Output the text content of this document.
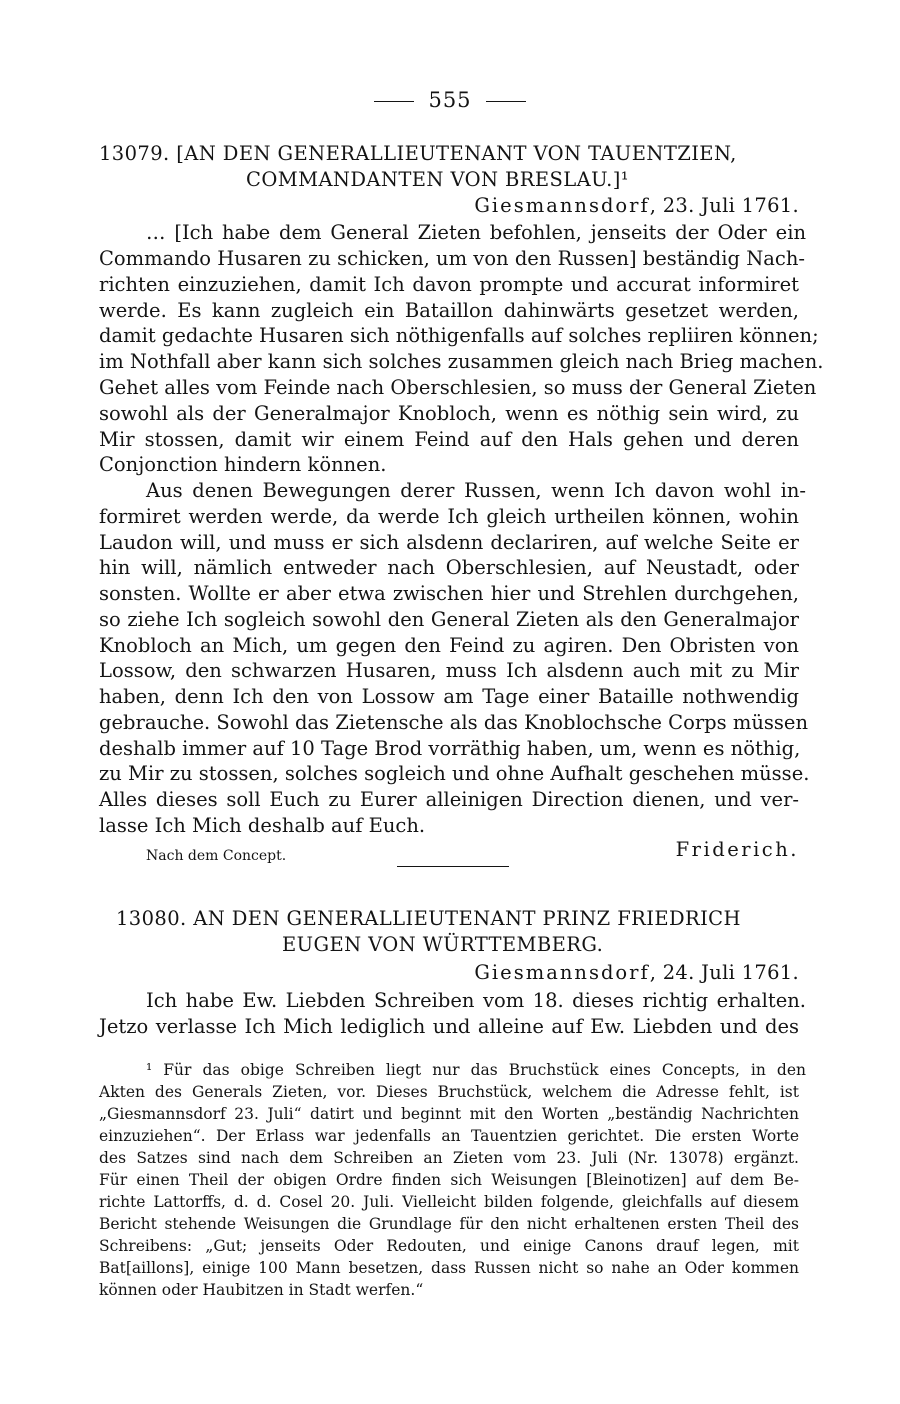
555
13079. [AN DEN GENERALLIEUTENANT VON TAUENTZIEN,
COMMANDANTEN VON BRESLAU.]¹
Giesmannsdorf, 23. Juli 1761.
… [Ich habe dem General Zieten befohlen, jenseits der Oder ein
Commando Husaren zu schicken, um von den Russen] beständig Nach-
richten einzuziehen, damit Ich davon prompte und accurat informiret
werde. Es kann zugleich ein Bataillon dahinwärts gesetzet werden,
damit gedachte Husaren sich nöthigenfalls auf solches repliiren können;
im Nothfall aber kann sich solches zusammen gleich nach Brieg machen.
Gehet alles vom Feinde nach Oberschlesien, so muss der General Zieten
sowohl als der Generalmajor Knobloch, wenn es nöthig sein wird, zu
Mir stossen, damit wir einem Feind auf den Hals gehen und deren
Conjonction hindern können.
Aus denen Bewegungen derer Russen, wenn Ich davon wohl in-
formiret werden werde, da werde Ich gleich urtheilen können, wohin
Laudon will, und muss er sich alsdenn declariren, auf welche Seite er
hin will, nämlich entweder nach Oberschlesien, auf Neustadt, oder
sonsten. Wollte er aber etwa zwischen hier und Strehlen durchgehen,
so ziehe Ich sogleich sowohl den General Zieten als den Generalmajor
Knobloch an Mich, um gegen den Feind zu agiren. Den Obristen von
Lossow, den schwarzen Husaren, muss Ich alsdenn auch mit zu Mir
haben, denn Ich den von Lossow am Tage einer Bataille nothwendig
gebrauche. Sowohl das Zietensche als das Knoblochsche Corps müssen
deshalb immer auf 10 Tage Brod vorräthig haben, um, wenn es nöthig,
zu Mir zu stossen, solches sogleich und ohne Aufhalt geschehen müsse.
Alles dieses soll Euch zu Eurer alleinigen Direction dienen, und ver-
lasse Ich Mich deshalb auf Euch.
Nach dem Concept.	Friderich.
13080. AN DEN GENERALLIEUTENANT PRINZ FRIEDRICH
EUGEN VON WÜRTTEMBERG.
Giesmannsdorf, 24. Juli 1761.
Ich habe Ew. Liebden Schreiben vom 18. dieses richtig erhalten.
Jetzo verlasse Ich Mich lediglich und alleine auf Ew. Liebden und des
¹ Für das obige Schreiben liegt nur das Bruchstück eines Concepts, in den
Akten des Generals Zieten, vor. Dieses Bruchstück, welchem die Adresse fehlt, ist
„Giesmannsdorf 23. Juli“ datirt und beginnt mit den Worten „beständig Nachrichten
einzuziehen“. Der Erlass war jedenfalls an Tauentzien gerichtet. Die ersten Worte
des Satzes sind nach dem Schreiben an Zieten vom 23. Juli (Nr. 13078) ergänzt.
Für einen Theil der obigen Ordre finden sich Weisungen [Bleinotizen] auf dem Be-
richte Lattorffs, d. d. Cosel 20. Juli. Vielleicht bilden folgende, gleichfalls auf diesem
Bericht stehende Weisungen die Grundlage für den nicht erhaltenen ersten Theil des
Schreibens: „Gut; jenseits Oder Redouten, und einige Canons drauf legen, mit
Bat[aillons], einige 100 Mann besetzen, dass Russen nicht so nahe an Oder kommen
können oder Haubitzen in Stadt werfen.“
